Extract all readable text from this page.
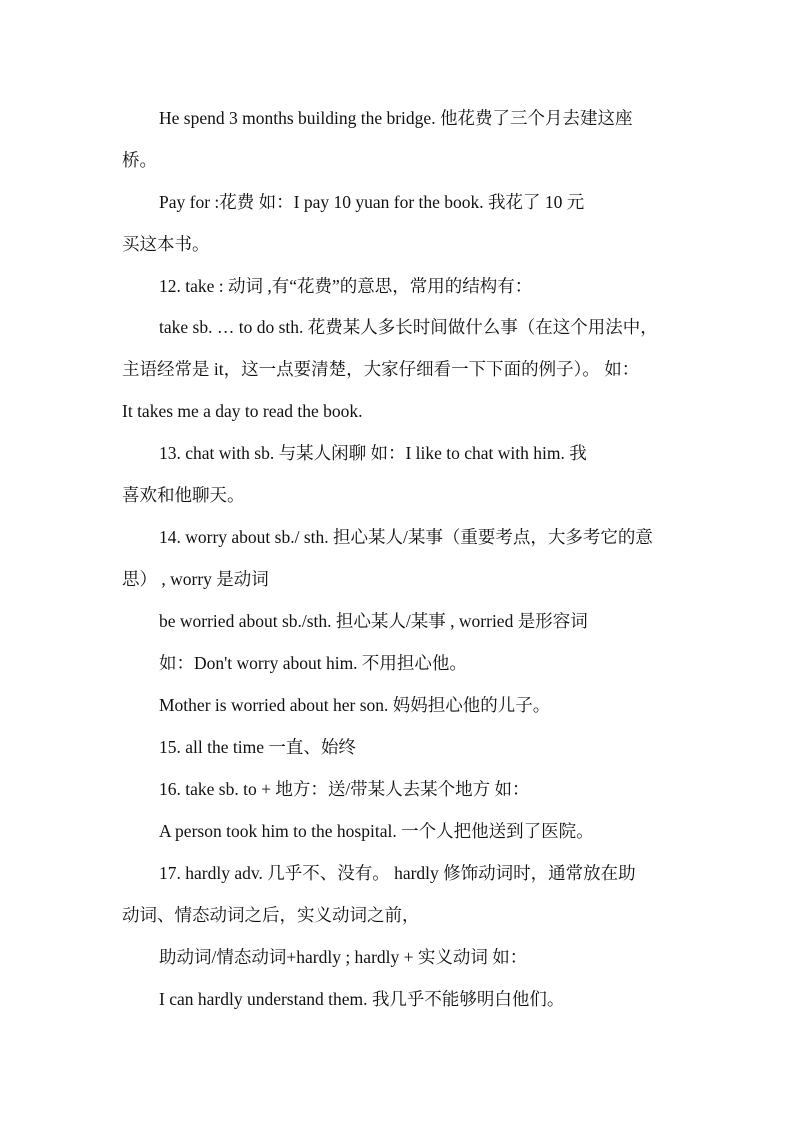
He spend 3 months building the bridge. 他花费了三个月去建这座
桥。
Pay for :花费 如：I pay 10 yuan for the book. 我花了 10 元
买这本书。
12. take : 动词 ,有“花费”的意思，常用的结构有：
take sb. … to do sth. 花费某人多长时间做什么事（在这个用法中，
主语经常是 it，这一点要清楚，大家仔细看一下下面的例子）。 如：
It takes me a day to read the book.
13. chat with sb. 与某人闲聊 如：I like to chat with him. 我
喜欢和他聊天。
14. worry about sb./ sth. 担心某人/某事（重要考点，大多考它的意
思） , worry 是动词
be worried about sb./sth. 担心某人/某事 , worried 是形容词
如：Don't worry about him. 不用担心他。
Mother is worried about her son. 妈妈担心他的儿子。
15. all the time 一直、始终
16. take sb. to + 地方：送/带某人去某个地方 如：
A person took him to the hospital. 一个人把他送到了医院。
17. hardly adv. 几乎不、没有。 hardly 修饰动词时，通常放在助
动词、情态动词之后，实义动词之前，
助动词/情态动词+hardly ; hardly + 实义动词 如：
I can hardly understand them. 我几乎不能够明白他们。
